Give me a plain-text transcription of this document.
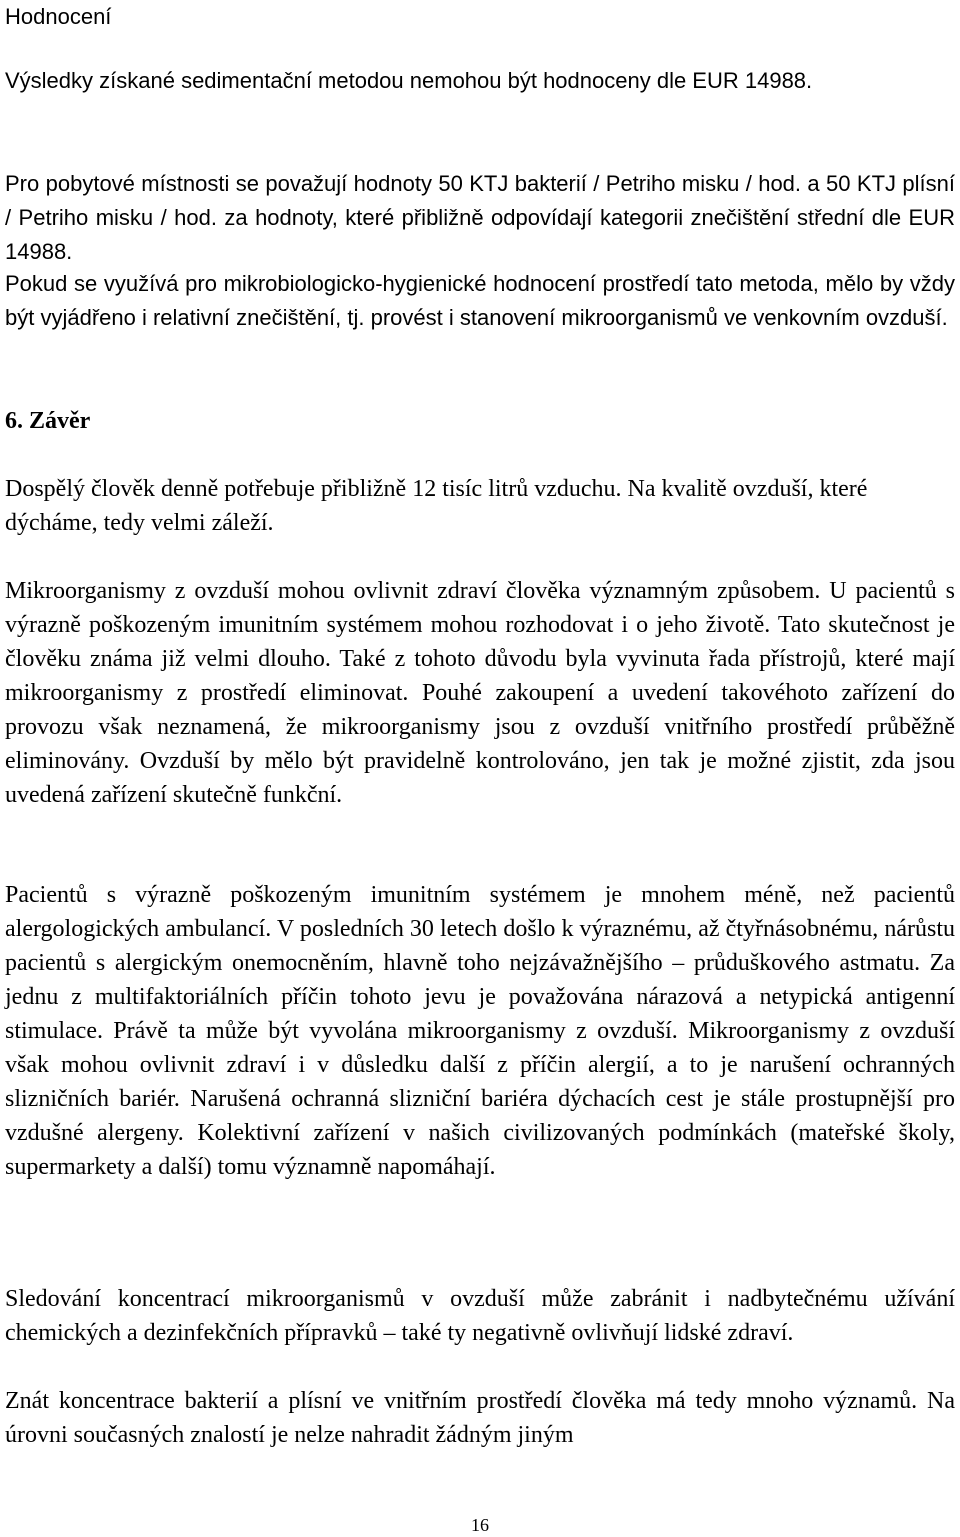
Hodnocení
Výsledky získané sedimentační metodou nemohou být hodnoceny dle EUR 14988.
Pro pobytové místnosti se považují hodnoty 50 KTJ bakterií / Petriho misku / hod. a 50 KTJ plísní / Petriho misku / hod. za hodnoty, které přibližně odpovídají kategorii znečištění střední dle EUR 14988.
Pokud se využívá pro mikrobiologicko-hygienické hodnocení prostředí tato metoda, mělo by vždy být vyjádřeno i relativní znečištění, tj. provést i stanovení mikroorganismů ve venkovním ovzduší.
6. Závěr
Dospělý člověk denně potřebuje přibližně 12 tisíc litrů vzduchu. Na kvalitě ovzduší, které dýcháme, tedy velmi záleží.
Mikroorganismy z ovzduší mohou ovlivnit zdraví člověka významným způsobem. U pacientů s výrazně poškozeným imunitním systémem mohou rozhodovat i o jeho životě. Tato skutečnost je člověku známa již velmi dlouho. Také z tohoto důvodu byla vyvinuta řada přístrojů, které mají mikroorganismy z prostředí eliminovat. Pouhé zakoupení a uvedení takovéhoto zařízení do provozu však neznamená, že mikroorganismy jsou z ovzduší vnitřního prostředí průběžně eliminovány. Ovzduší by mělo být pravidelně kontrolováno, jen tak je možné zjistit, zda jsou uvedená zařízení skutečně funkční.
Pacientů s výrazně poškozeným imunitním systémem je mnohem méně, než pacientů alergologických ambulancí. V posledních 30 letech došlo k výraznému, až čtyřnásobnému, nárůstu pacientů s alergickým onemocněním, hlavně toho nejzávažnějšího – průduškového astmatu. Za jednu z multifaktoriálních příčin tohoto jevu je považována nárazová a netypická antigenní stimulace. Právě ta může být vyvolána mikroorganismy z ovzduší. Mikroorganismy z ovzduší však mohou ovlivnit zdraví i v důsledku další z příčin alergií, a to je narušení ochranných slizničních bariér. Narušená ochranná slizniční bariéra dýchacích cest je stále prostupnější pro vzdušné alergeny. Kolektivní zařízení v našich civilizovaných podmínkách (mateřské školy, supermarkety a další) tomu významně napomáhají.
Sledování koncentrací mikroorganismů v ovzduší může zabránit i nadbytečnému užívání chemických a dezinfekčních přípravků – také ty negativně ovlivňují lidské zdraví.
Znát koncentrace bakterií a plísní ve vnitřním prostředí člověka má tedy mnoho významů. Na úrovni současných znalostí je nelze nahradit žádným jiným
16
